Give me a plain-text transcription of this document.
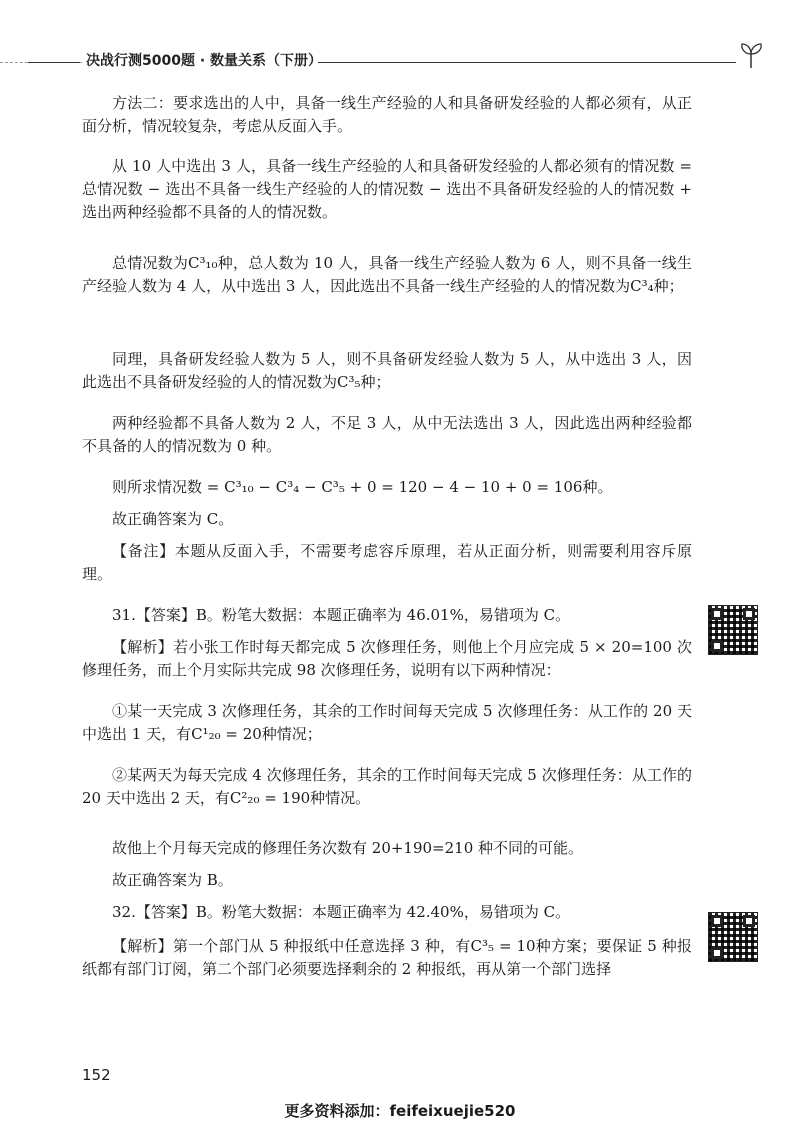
决战行测5000题 · 数量关系（下册）

方法二：要求选出的人中，具备一线生产经验的人和具备研发经验的人都必须有，从正面分析，情况较复杂，考虑从反面入手。

从 10 人中选出 3 人，具备一线生产经验的人和具备研发经验的人都必须有的情况数 = 总情况数 − 选出不具备一线生产经验的人的情况数 − 选出不具备研发经验的人的情况数 + 选出两种经验都不具备的人的情况数。

总情况数为C³₁₀种，总人数为 10 人，具备一线生产经验人数为 6 人，则不具备一线生产经验人数为 4 人，从中选出 3 人，因此选出不具备一线生产经验的人的情况数为C³₄种；

同理，具备研发经验人数为 5 人，则不具备研发经验人数为 5 人，从中选出 3 人，因此选出不具备研发经验的人的情况数为C³₅种；

两种经验都不具备人数为 2 人，不足 3 人，从中无法选出 3 人，因此选出两种经验都不具备的人的情况数为 0 种。

则所求情况数 = C³₁₀ − C³₄ − C³₅ + 0 = 120 − 4 − 10 + 0 = 106种。

故正确答案为 C。

【备注】本题从反面入手，不需要考虑容斥原理，若从正面分析，则需要利用容斥原理。

31.【答案】B。粉笔大数据：本题正确率为 46.01%，易错项为 C。

【解析】若小张工作时每天都完成 5 次修理任务，则他上个月应完成 5 × 20=100 次修理任务，而上个月实际共完成 98 次修理任务，说明有以下两种情况：

①某一天完成 3 次修理任务，其余的工作时间每天完成 5 次修理任务：从工作的 20 天中选出 1 天，有C¹₂₀ = 20种情况；

②某两天为每天完成 4 次修理任务，其余的工作时间每天完成 5 次修理任务：从工作的 20 天中选出 2 天，有C²₂₀ = 190种情况。

故他上个月每天完成的修理任务次数有 20+190=210 种不同的可能。

故正确答案为 B。

32.【答案】B。粉笔大数据：本题正确率为 42.40%，易错项为 C。

【解析】第一个部门从 5 种报纸中任意选择 3 种，有C³₅ = 10种方案；要保证 5 种报纸都有部门订阅，第二个部门必须要选择剩余的 2 种报纸，再从第一个部门选择

152
更多资料添加：feifeixuejie520
